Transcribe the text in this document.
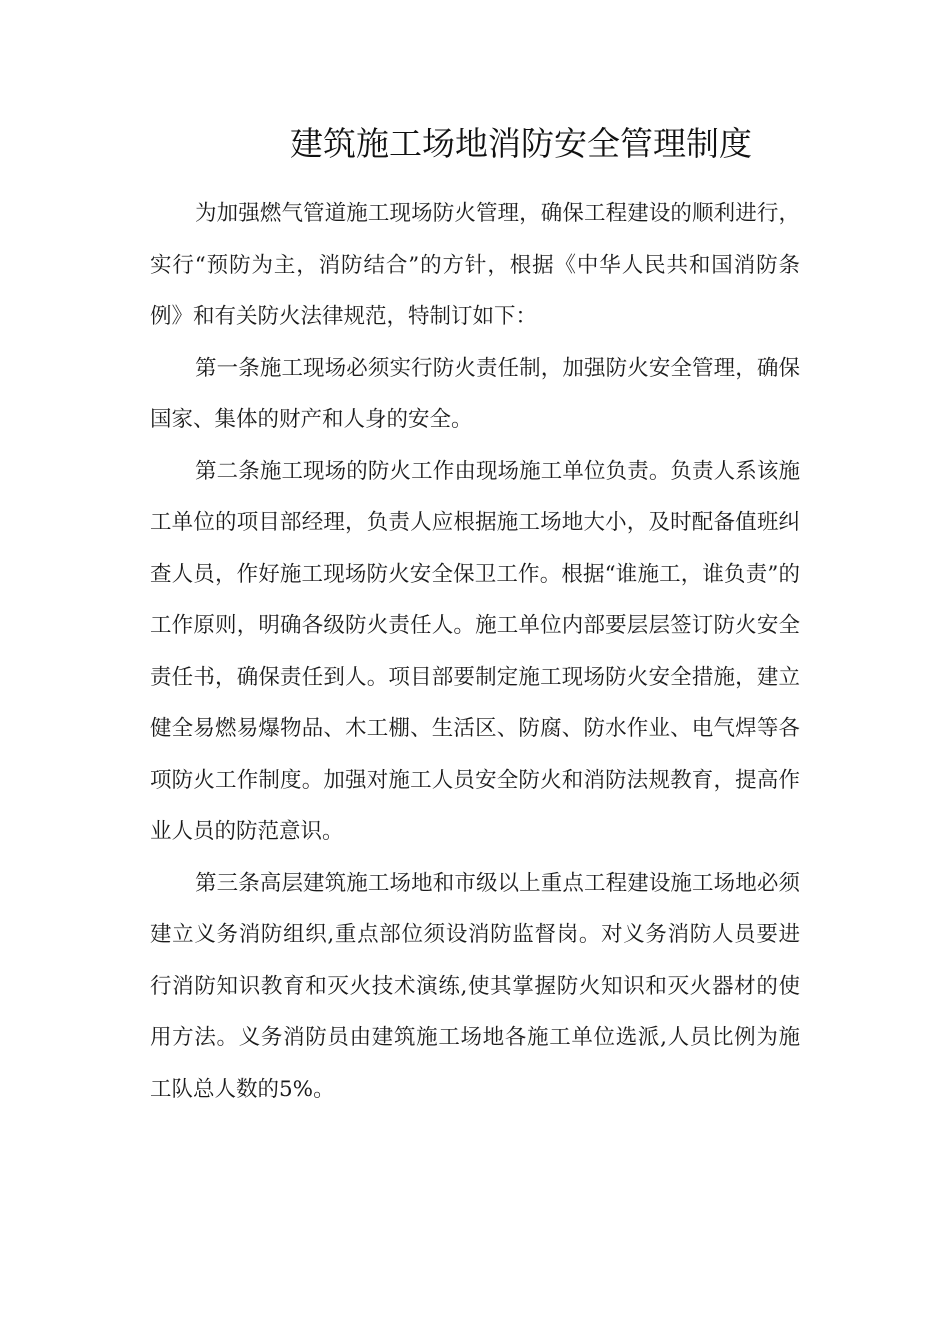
建筑施工场地消防安全管理制度

为加强燃气管道施工现场防火管理，确保工程建设的顺利进行，实行“预防为主，消防结合”的方针，根据《中华人民共和国消防条例》和有关防火法律规范，特制订如下：

第一条施工现场必须实行防火责任制，加强防火安全管理，确保国家、集体的财产和人身的安全。

第二条施工现场的防火工作由现场施工单位负责。负责人系该施工单位的项目部经理，负责人应根据施工场地大小，及时配备值班纠查人员，作好施工现场防火安全保卫工作。根据“谁施工，谁负责”的工作原则，明确各级防火责任人。施工单位内部要层层签订防火安全责任书，确保责任到人。项目部要制定施工现场防火安全措施，建立健全易燃易爆物品、木工棚、生活区、防腐、防水作业、电气焊等各项防火工作制度。加强对施工人员安全防火和消防法规教育，提高作业人员的防范意识。

第三条高层建筑施工场地和市级以上重点工程建设施工场地必须建立义务消防组织,重点部位须设消防监督岗。对义务消防人员要进行消防知识教育和灭火技术演练,使其掌握防火知识和灭火器材的使用方法。义务消防员由建筑施工场地各施工单位选派,人员比例为施工队总人数的5%。
